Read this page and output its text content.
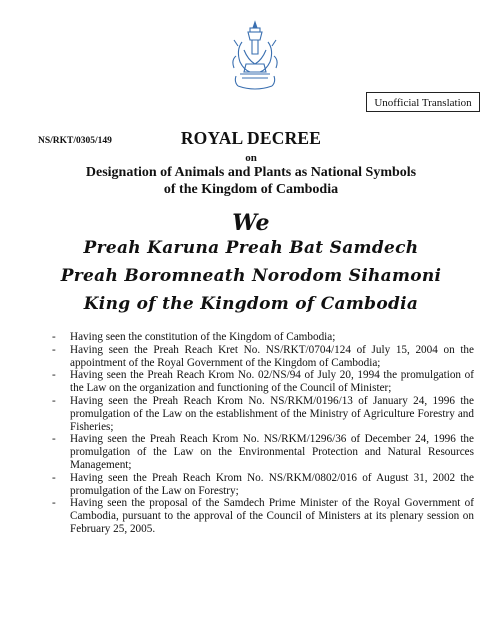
Unofficial Translation
NS/RKT/0305/149	ROYAL DECREE
on
Designation of Animals and Plants as National Symbols
of the Kingdom of Cambodia
We
Preah Karuna Preah Bat Samdech
Preah Boromneath Norodom Sihamoni
King of the Kingdom of Cambodia
- Having seen the constitution of the Kingdom of Cambodia;
- Having seen the Preah Reach Kret No. NS/RKT/0704/124 of July 15, 2004 on the appointment of the Royal Government of the Kingdom of Cambodia;
- Having seen the Preah Reach Krom No. 02/NS/94 of July 20, 1994 the promulgation of the Law on the organization and functioning of the Council of Minister;
- Having seen the Preah Reach Krom No. NS/RKM/0196/13 of January 24, 1996 the promulgation of the Law on the establishment of the Ministry of Agriculture Forestry and Fisheries;
- Having seen the Preah Reach Krom No. NS/RKM/1296/36 of December 24, 1996 the promulgation of the Law on the Environmental Protection and Natural Resources Management;
- Having seen the Preah Reach Krom No. NS/RKM/0802/016 of August 31, 2002 the promulgation of the Law on Forestry;
- Having seen the proposal of the Samdech Prime Minister of the Royal Government of Cambodia, pursuant to the approval of the Council of Ministers at its plenary session on February 25, 2005.
